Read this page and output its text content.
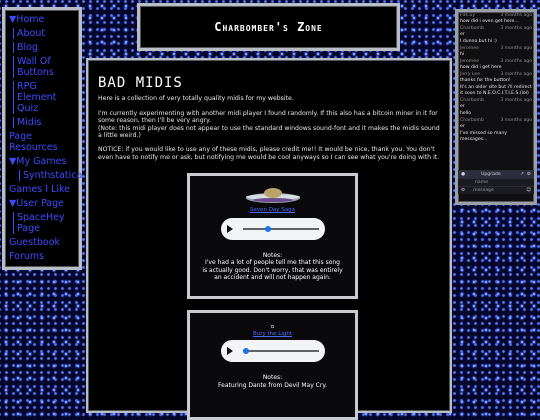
▼Home
About
Blog
Wall Of Buttons
RPG Element Quiz
Midis
Page Resources
▼My Games
Synthstatica
Games I Like
▼User Page
SpaceHey Page
Guestbook
Forums
Charbomber's Zone
Fds.uy	3 months ago
how did i even get here...
Charbomb	3 months ago
er
I dunno but hi :)
Jeromee	3 months ago
hi
Jeromee	3 months ago
how did i get here
Jerry Lee	3 months ago
thanks for the button!
It's an older site but i'll redirect it soon to N.E.O.C.I.T.I.E.S.(lol)
Charbomb	3 months ago
er
hello
Charbomb	3 months ago
er
I've missed so many messages...
●	Upgrade	↗ ⚙
name
⚙ message	☺
BAD MIDIS

Here is a collection of very totally quality midis for my website.

I'm currently experimenting with another midi player I found randomly. If this also has a bitcoin miner in it for some reason, then I'll be very angry.
(Note: this midi player does not appear to use the standard windows sound-font and it makes the midis sound a little weird.)

NOTICE: if you would like to use any of these midis, please credit me!! It would be nice, thank you. You don't even have to notify me or ask, but notifying me would be cool anyways so I can see what you're doing with it.

Seven Day Saga
Notes:
I've had a lot of people tell me that this song is actually good. Don't worry, that was entirely an accident and will not happen again.
▫
Bury the Light
Notes:
Featuring Dante from Devil May Cry.
